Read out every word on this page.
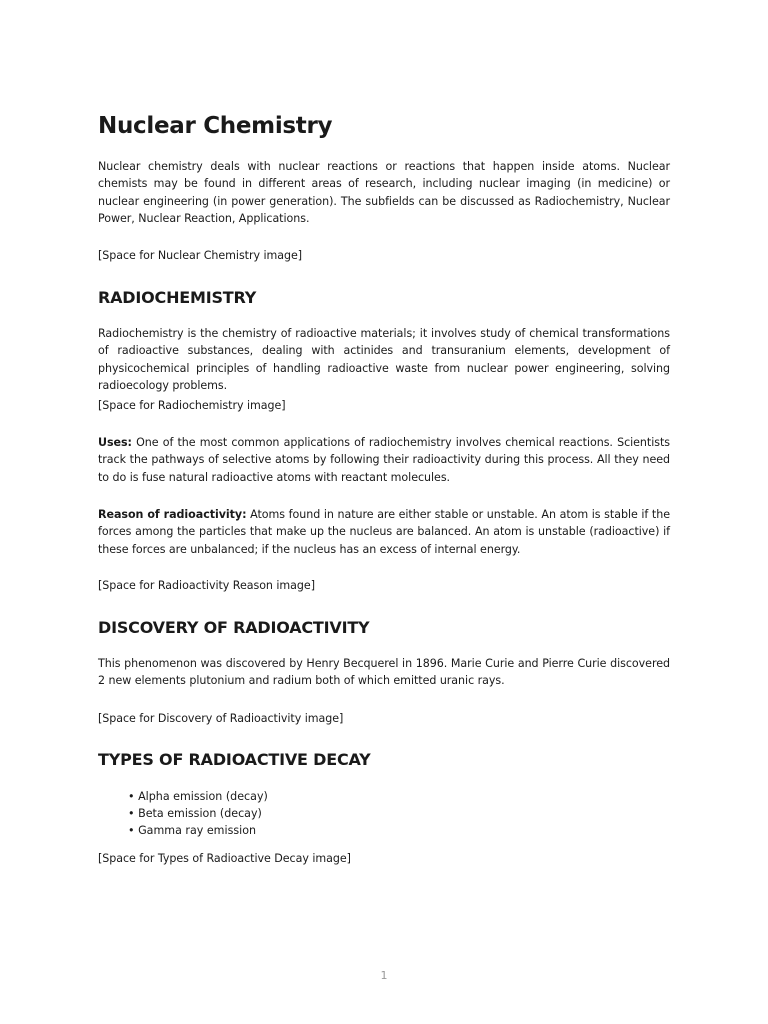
Nuclear Chemistry

Nuclear chemistry deals with nuclear reactions or reactions that happen inside atoms. Nuclear chemists may be found in different areas of research, including nuclear imaging (in medicine) or nuclear engineering (in power generation). The subfields can be discussed as Radiochemistry, Nuclear Power, Nuclear Reaction, Applications.

[Space for Nuclear Chemistry image]

RADIOCHEMISTRY

Radiochemistry is the chemistry of radioactive materials; it involves study of chemical transformations of radioactive substances, dealing with actinides and transuranium elements, development of physicochemical principles of handling radioactive waste from nuclear power engineering, solving radioecology problems.

[Space for Radiochemistry image]

Uses: One of the most common applications of radiochemistry involves chemical reactions. Scientists track the pathways of selective atoms by following their radioactivity during this process. All they need to do is fuse natural radioactive atoms with reactant molecules.

Reason of radioactivity: Atoms found in nature are either stable or unstable. An atom is stable if the forces among the particles that make up the nucleus are balanced. An atom is unstable (radioactive) if these forces are unbalanced; if the nucleus has an excess of internal energy.

[Space for Radioactivity Reason image]

DISCOVERY OF RADIOACTIVITY

This phenomenon was discovered by Henry Becquerel in 1896. Marie Curie and Pierre Curie discovered 2 new elements plutonium and radium both of which emitted uranic rays.

[Space for Discovery of Radioactivity image]

TYPES OF RADIOACTIVE DECAY
• Alpha emission (decay)
• Beta emission (decay)
• Gamma ray emission

[Space for Types of Radioactive Decay image]

1
